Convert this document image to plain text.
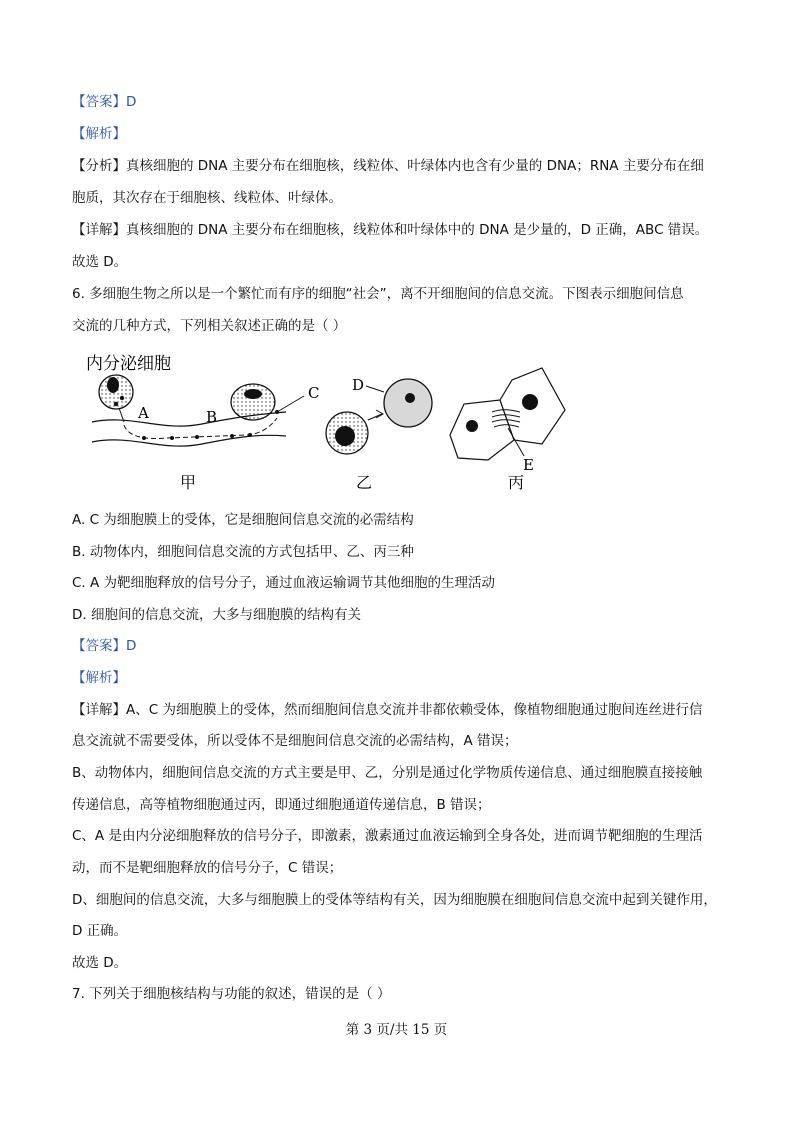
【答案】D
【解析】
【分析】真核细胞的 DNA 主要分布在细胞核，线粒体、叶绿体内也含有少量的 DNA；RNA 主要分布在细
胞质，其次存在于细胞核、线粒体、叶绿体。
【详解】真核细胞的 DNA 主要分布在细胞核，线粒体和叶绿体中的 DNA 是少量的，D 正确，ABC 错误。
故选 D。
6. 多细胞生物之所以是一个繁忙而有序的细胞“社会”，离不开细胞间的信息交流。下图表示细胞间信息
交流的几种方式，下列相关叙述正确的是（ ）
内分泌细胞
A	B
C D
E
甲	乙	丙
A. C 为细胞膜上的受体，它是细胞间信息交流的必需结构
B. 动物体内，细胞间信息交流的方式包括甲、乙、丙三种
C. A 为靶细胞释放的信号分子，通过血液运输调节其他细胞的生理活动
D. 细胞间的信息交流，大多与细胞膜的结构有关
【答案】D
【解析】
【详解】A、C 为细胞膜上的受体，然而细胞间信息交流并非都依赖受体，像植物细胞通过胞间连丝进行信
息交流就不需要受体，所以受体不是细胞间信息交流的必需结构，A 错误；
B、动物体内，细胞间信息交流的方式主要是甲、乙，分别是通过化学物质传递信息、通过细胞膜直接接触
传递信息，高等植物细胞通过丙，即通过细胞通道传递信息，B 错误；
C、A 是由内分泌细胞释放的信号分子，即激素，激素通过血液运输到全身各处，进而调节靶细胞的生理活
动，而不是靶细胞释放的信号分子，C 错误；
D、细胞间的信息交流，大多与细胞膜上的受体等结构有关，因为细胞膜在细胞间信息交流中起到关键作用，
D 正确。
故选 D。
7. 下列关于细胞核结构与功能的叙述，错误的是（ ）
第 3 页/共 15 页
